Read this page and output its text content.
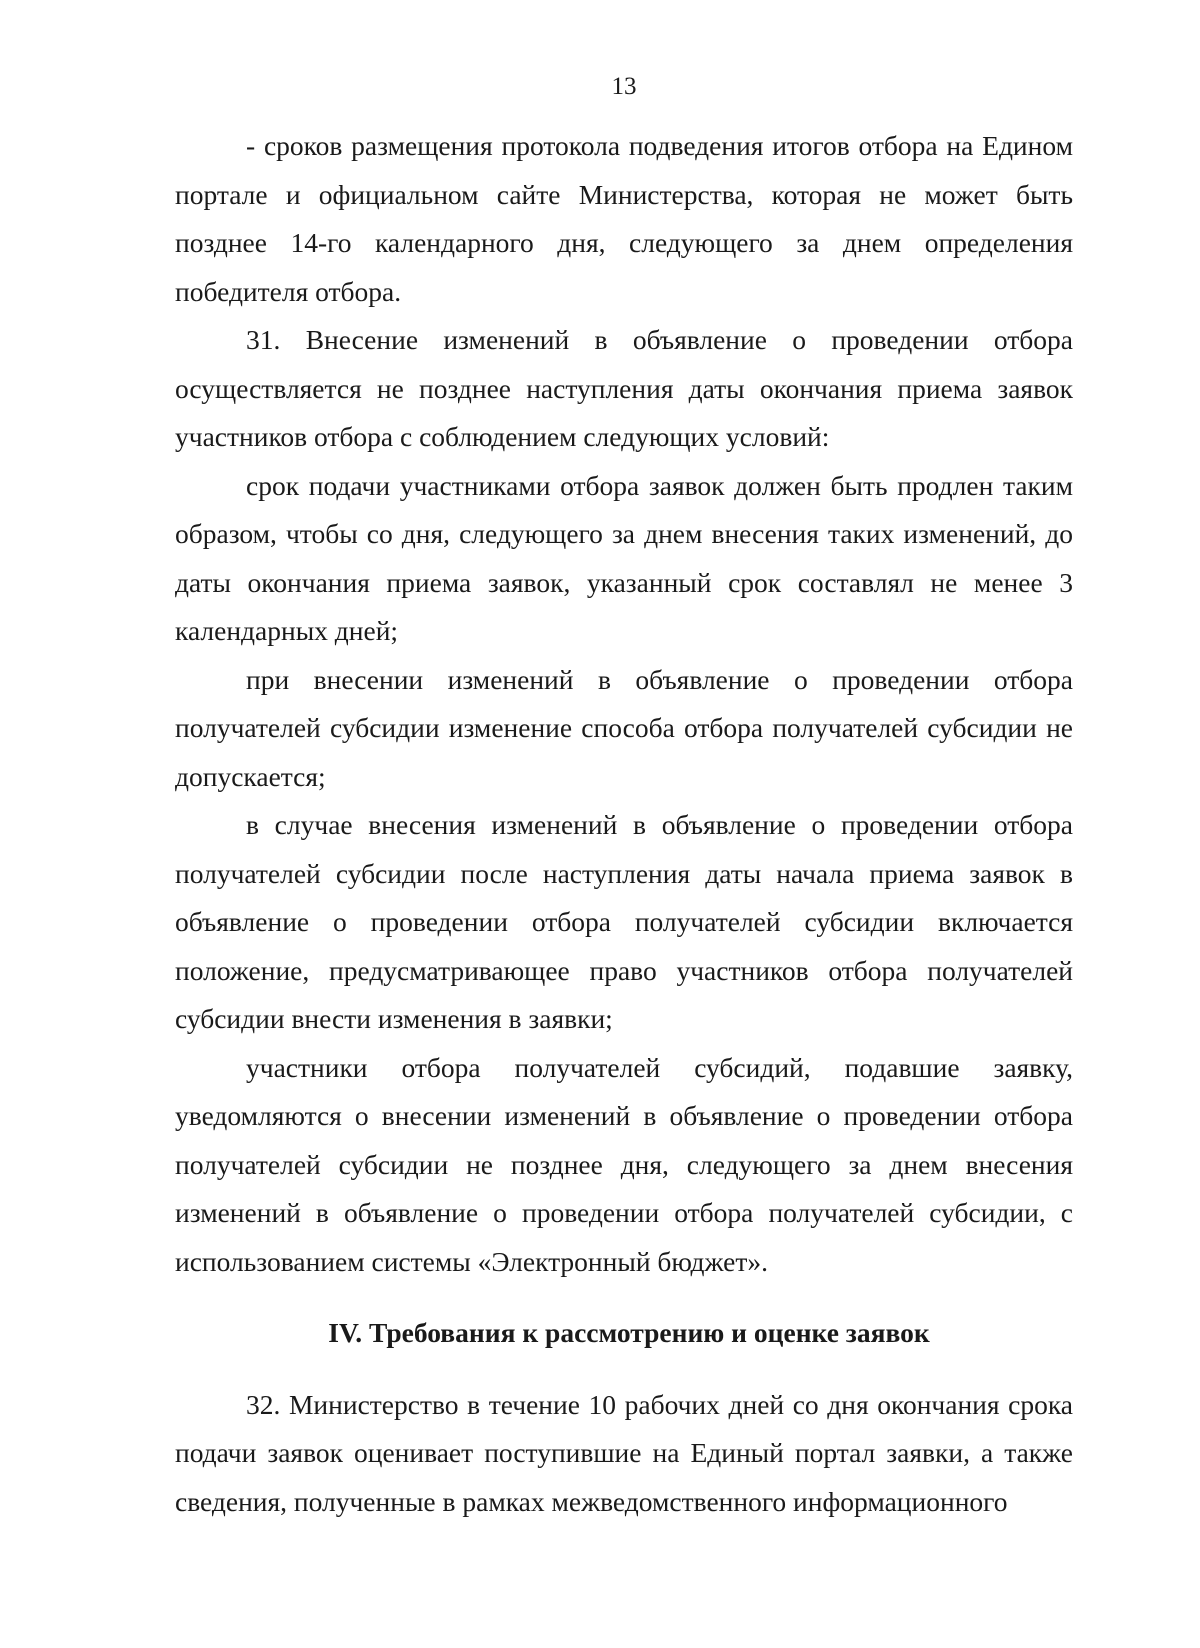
13

- сроков размещения протокола подведения итогов отбора на Едином портале и официальном сайте Министерства, которая не может быть позднее 14-го календарного дня, следующего за днем определения победителя отбора.

31. Внесение изменений в объявление о проведении отбора осуществляется не позднее наступления даты окончания приема заявок участников отбора с соблюдением следующих условий:

срок подачи участниками отбора заявок должен быть продлен таким образом, чтобы со дня, следующего за днем внесения таких изменений, до даты окончания приема заявок, указанный срок составлял не менее 3 календарных дней;

при внесении изменений в объявление о проведении отбора получателей субсидии изменение способа отбора получателей субсидии не допускается;

в случае внесения изменений в объявление о проведении отбора получателей субсидии после наступления даты начала приема заявок в объявление о проведении отбора получателей субсидии включается положение, предусматривающее право участников отбора получателей субсидии внести изменения в заявки;

участники отбора получателей субсидий, подавшие заявку, уведомляются о внесении изменений в объявление о проведении отбора получателей субсидии не позднее дня, следующего за днем внесения изменений в объявление о проведении отбора получателей субсидии, с использованием системы «Электронный бюджет».

IV. Требования к рассмотрению и оценке заявок

32. Министерство в течение 10 рабочих дней со дня окончания срока подачи заявок оценивает поступившие на Единый портал заявки, а также сведения, полученные в рамках межведомственного информационного
